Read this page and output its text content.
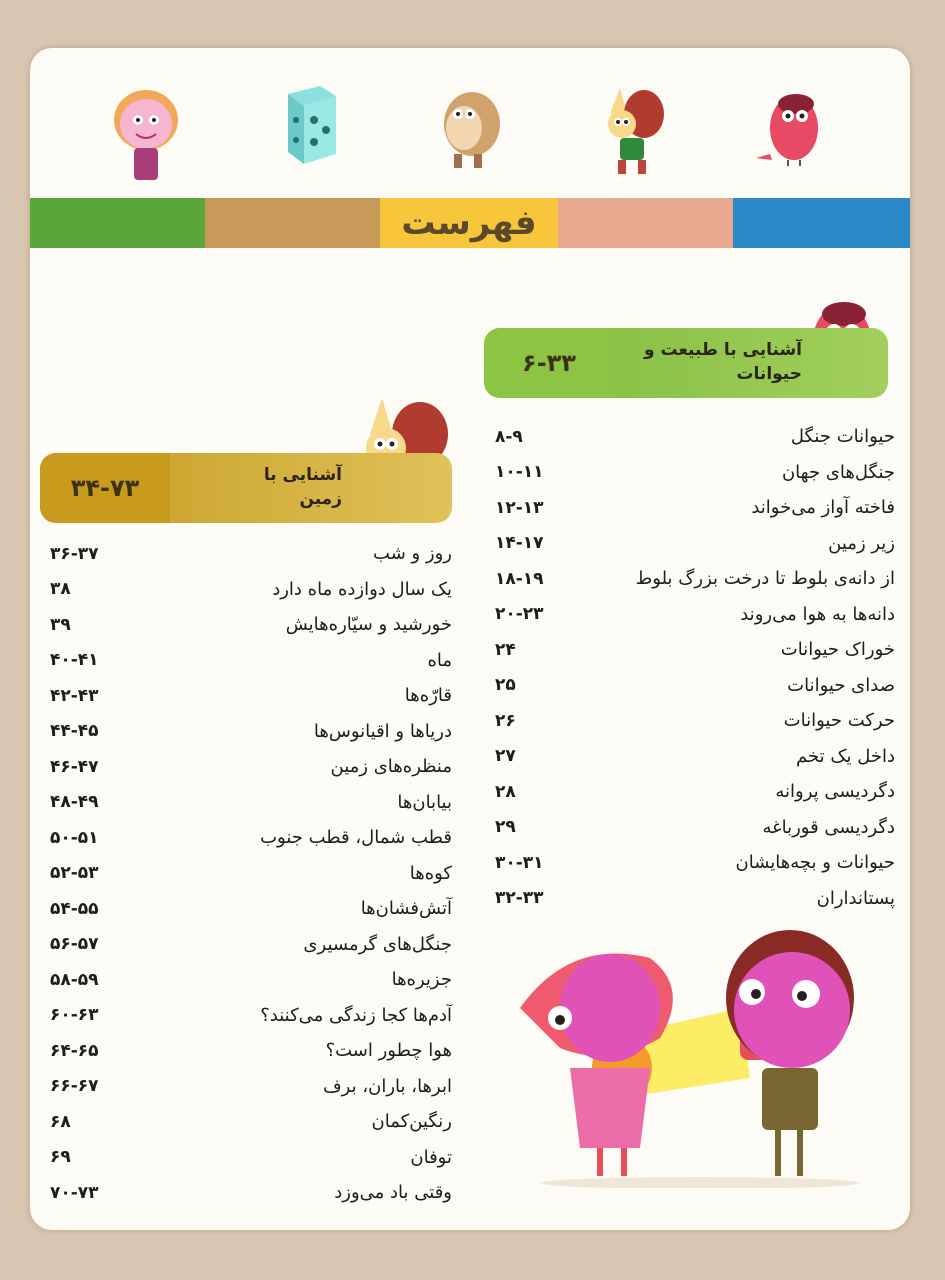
فهرست
آشنایی با طبیعت و
حیوانات
۶-۳۳
حیوانات جنگل
۸-۹
جنگل‌های جهان
۱۰-۱۱
فاخته آواز می‌خواند
۱۲-۱۳
زیر زمین
۱۴-۱۷
از دانه‌ی بلوط تا درخت بزرگ بلوط
۱۸-۱۹
دانه‌ها به هوا می‌روند
۲۰-۲۳
خوراک حیوانات
۲۴
صدای حیوانات
۲۵
حرکت حیوانات
۲۶
داخل یک تخم
۲۷
دگردیسی پروانه
۲۸
دگردیسی قورباغه
۲۹
حیوانات و بچه‌هایشان
۳۰-۳۱
پستانداران
۳۲-۳۳
آشنایی با
زمین
۳۴-۷۳
روز و شب
۳۶-۳۷
یک سال دوازده ماه دارد
۳۸
خورشید و سیّاره‌هایش
۳۹
ماه
۴۰-۴۱
قارّه‌ها
۴۲-۴۳
دریاها و اقیانوس‌ها
۴۴-۴۵
منظره‌های زمین
۴۶-۴۷
بیابان‌ها
۴۸-۴۹
قطب شمال، قطب جنوب
۵۰-۵۱
کوه‌ها
۵۲-۵۳
آتش‌فشان‌ها
۵۴-۵۵
جنگل‌های گرمسیری
۵۶-۵۷
جزیره‌ها
۵۸-۵۹
آدم‌ها کجا زندگی می‌کنند؟
۶۰-۶۳
هوا چطور است؟
۶۴-۶۵
ابرها، باران، برف
۶۶-۶۷
رنگین‌کمان
۶۸
توفان
۶۹
وقتی باد می‌وزد
۷۰-۷۳
